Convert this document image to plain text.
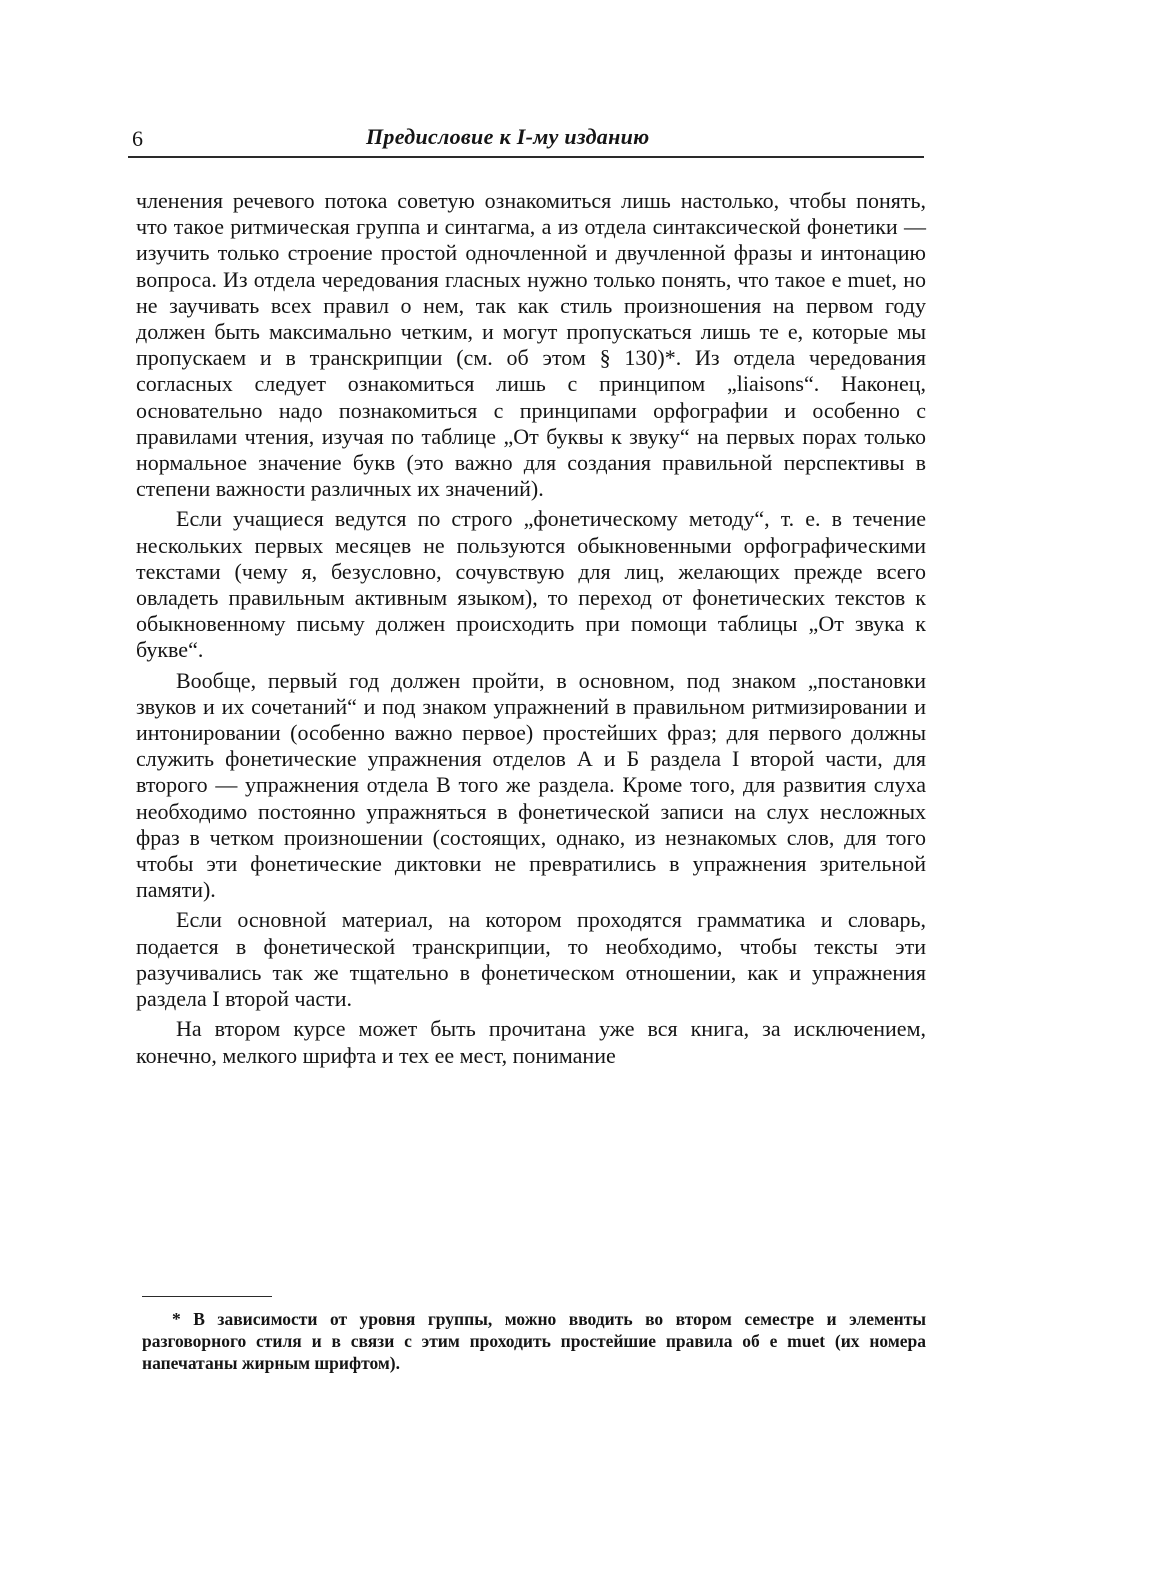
6	Предисловие к I-му изданию

членения речевого потока советую ознакомиться лишь настолько, чтобы понять, что такое ритмическая группа и синтагма, а из отдела синтаксической фонетики — изучить только строение простой одночленной и двучленной фразы и интонацию вопроса. Из отдела чередования гласных нужно только понять, что такое e muet, но не заучивать всех правил о нем, так как стиль произношения на первом году должен быть максимально четким, и могут пропускаться лишь те e, которые мы пропускаем и в транскрипции (см. об этом § 130)*. Из отдела чередования согласных следует ознакомиться лишь с принципом „liaisons“. Наконец, основательно надо познакомиться с принципами орфографии и особенно с правилами чтения, изучая по таблице „От буквы к звуку“ на первых порах только нормальное значение букв (это важно для создания правильной перспективы в степени важности различных их значений).

Если учащиеся ведутся по строго „фонетическому методу“, т. е. в течение нескольких первых месяцев не пользуются обыкновенными орфографическими текстами (чему я, безусловно, сочувствую для лиц, желающих прежде всего овладеть правильным активным языком), то переход от фонетических текстов к обыкновенному письму должен происходить при помощи таблицы „От звука к букве“.

Вообще, первый год должен пройти, в основном, под знаком „постановки звуков и их сочетаний“ и под знаком упражнений в правильном ритмизировании и интонировании (особенно важно первое) простейших фраз; для первого должны служить фонетические упражнения отделов А и Б раздела I второй части, для второго — упражнения отдела В того же раздела. Кроме того, для развития слуха необходимо постоянно упражняться в фонетической записи на слух несложных фраз в четком произношении (состоящих, однако, из незнакомых слов, для того чтобы эти фонетические диктовки не превратились в упражнения зрительной памяти).

Если основной материал, на котором проходятся грамматика и словарь, подается в фонетической транскрипции, то необходимо, чтобы тексты эти разучивались так же тщательно в фонетическом отношении, как и упражнения раздела I второй части.

На втором курсе может быть прочитана уже вся книга, за исключением, конечно, мелкого шрифта и тех ее мест, понимание

* В зависимости от уровня группы, можно вводить во втором семестре и элементы разговорного стиля и в связи с этим проходить простейшие правила об e muet (их номера напечатаны жирным шрифтом).
